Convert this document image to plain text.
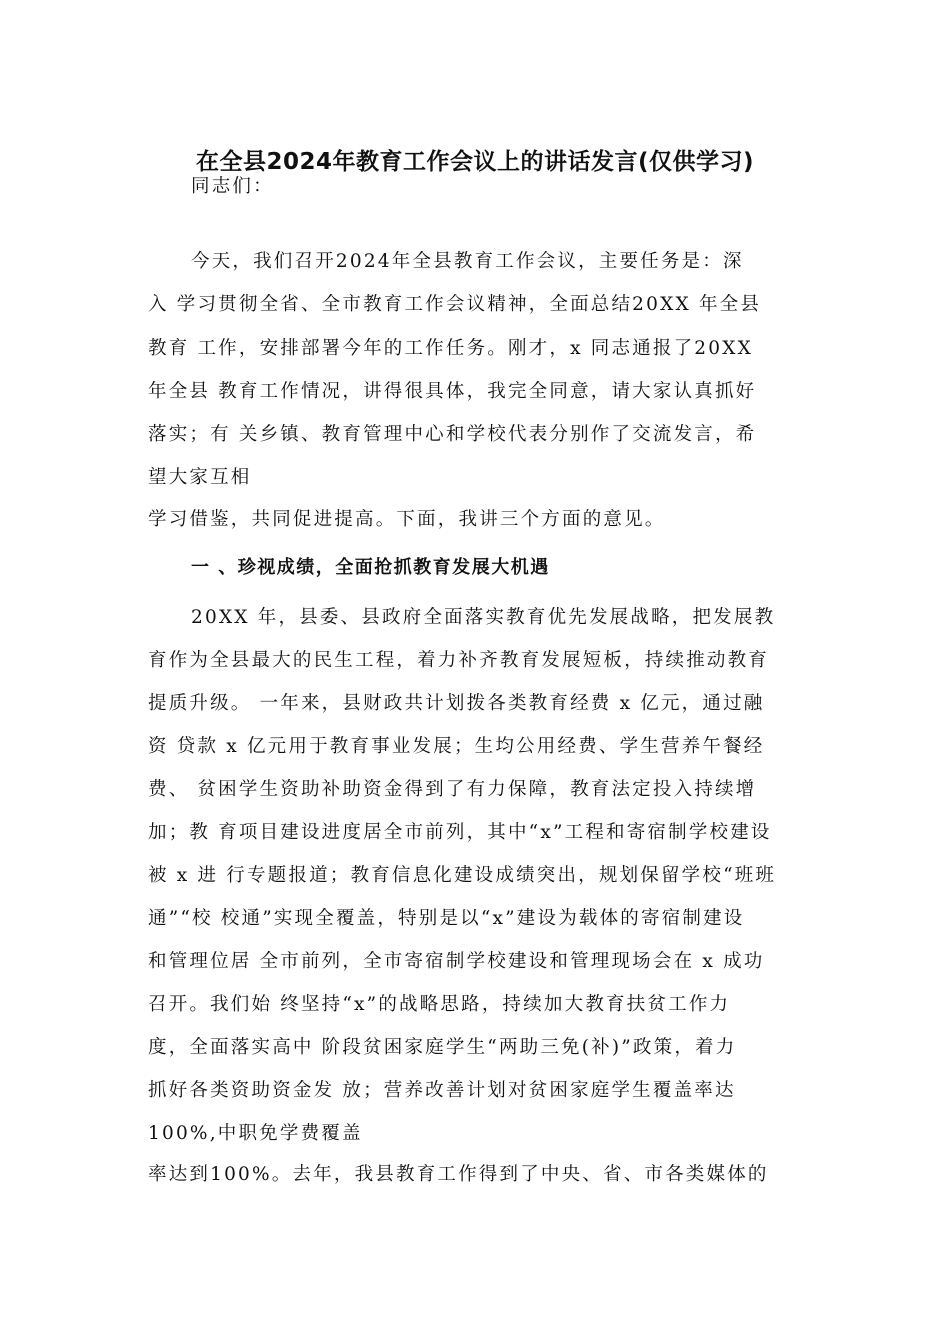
在全县2024年教育工作会议上的讲话发言(仅供学习)
同志们：
今天，我们召开2024年全县教育工作会议，主要任务是：深
入 学习贯彻全省、全市教育工作会议精神，全面总结20XX 年全县
教育 工作，安排部署今年的工作任务。刚才，x 同志通报了20XX
年全县 教育工作情况，讲得很具体，我完全同意，请大家认真抓好
落实；有 关乡镇、教育管理中心和学校代表分别作了交流发言，希
望大家互相
学习借鉴，共同促进提高。下面，我讲三个方面的意见。
一 、珍视成绩，全面抢抓教育发展大机遇
20XX 年，县委、县政府全面落实教育优先发展战略，把发展教
育作为全县最大的民生工程，着力补齐教育发展短板，持续推动教育
提质升级。 一年来，县财政共计划拨各类教育经费 x 亿元，通过融
资 贷款 x 亿元用于教育事业发展；生均公用经费、学生营养午餐经
费、 贫困学生资助补助资金得到了有力保障，教育法定投入持续增
加；教 育项目建设进度居全市前列，其中“x”工程和寄宿制学校建设
被 x 进 行专题报道；教育信息化建设成绩突出，规划保留学校“班班
通”“校 校通”实现全覆盖，特别是以“x”建设为载体的寄宿制建设
和管理位居 全市前列，全市寄宿制学校建设和管理现场会在 x 成功
召开。我们始 终坚持“x”的战略思路，持续加大教育扶贫工作力
度，全面落实高中 阶段贫困家庭学生“两助三免(补)”政策，着力
抓好各类资助资金发 放；营养改善计划对贫困家庭学生覆盖率达
100%,中职免学费覆盖
率达到100%。去年，我县教育工作得到了中央、省、市各类媒体的
